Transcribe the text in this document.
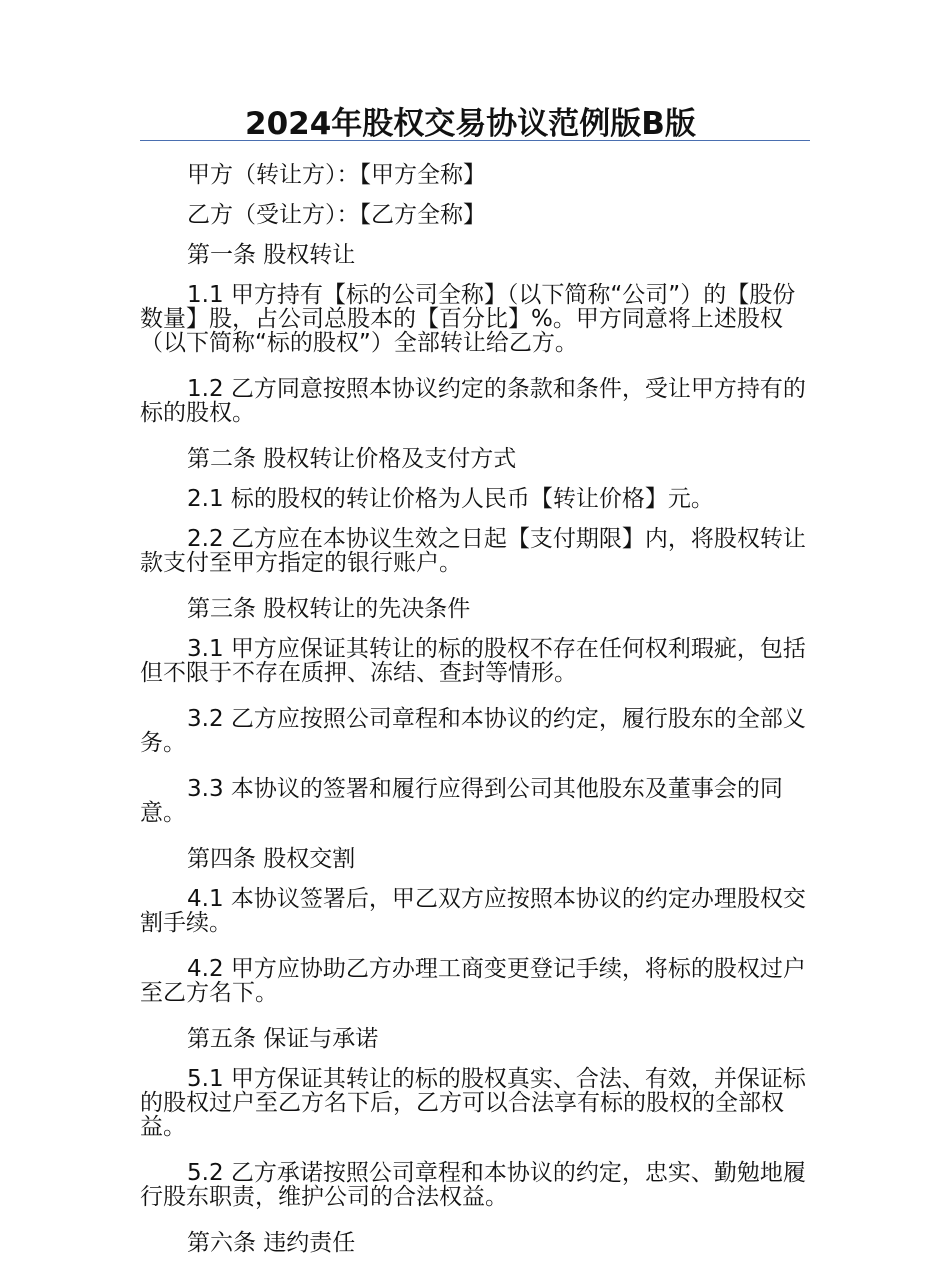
2024年股权交易协议范例版B版

甲方（转让方）：【甲方全称】

乙方（受让方）：【乙方全称】

第一条 股权转让

1.1 甲方持有【标的公司全称】（以下简称“公司”）的【股份数量】股，占公司总股本的【百分比】%。甲方同意将上述股权（以下简称“标的股权”）全部转让给乙方。

1.2 乙方同意按照本协议约定的条款和条件，受让甲方持有的标的股权。

第二条 股权转让价格及支付方式

2.1 标的股权的转让价格为人民币【转让价格】元。

2.2 乙方应在本协议生效之日起【支付期限】内，将股权转让款支付至甲方指定的银行账户。

第三条 股权转让的先决条件

3.1 甲方应保证其转让的标的股权不存在任何权利瑕疵，包括但不限于不存在质押、冻结、查封等情形。

3.2 乙方应按照公司章程和本协议的约定，履行股东的全部义务。

3.3 本协议的签署和履行应得到公司其他股东及董事会的同意。

第四条 股权交割

4.1 本协议签署后，甲乙双方应按照本协议的约定办理股权交割手续。

4.2 甲方应协助乙方办理工商变更登记手续，将标的股权过户至乙方名下。

第五条 保证与承诺

5.1 甲方保证其转让的标的股权真实、合法、有效，并保证标的股权过户至乙方名下后，乙方可以合法享有标的股权的全部权益。

5.2 乙方承诺按照公司章程和本协议的约定，忠实、勤勉地履行股东职责，维护公司的合法权益。

第六条 违约责任
